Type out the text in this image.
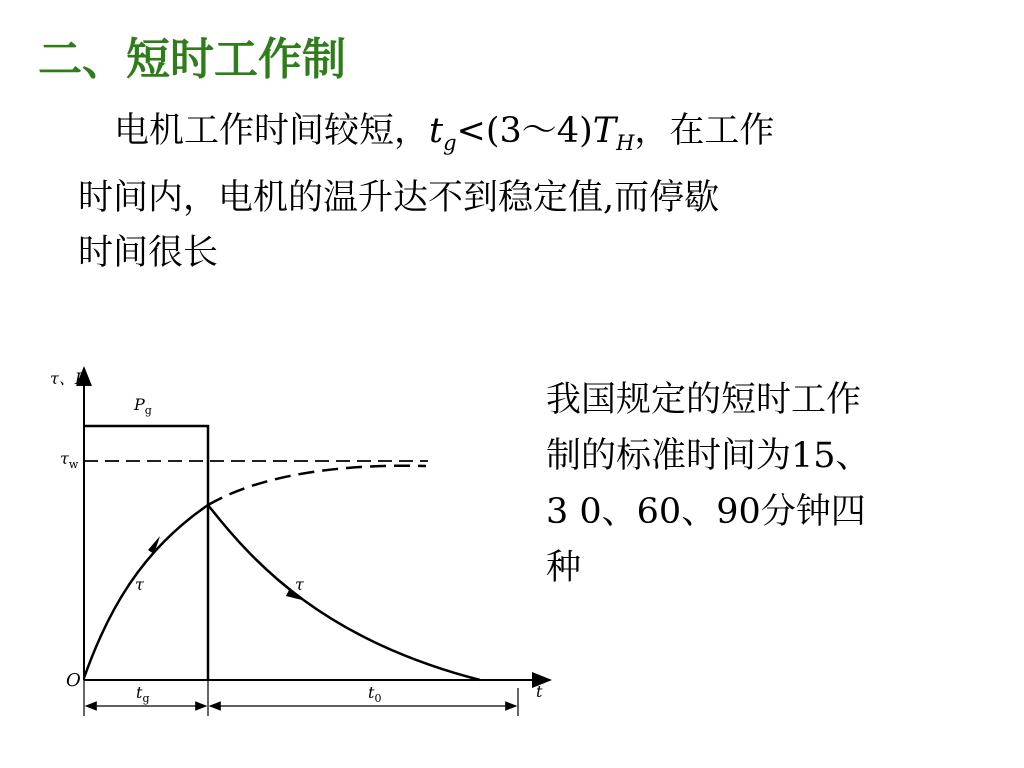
二、短时工作制

电机工作时间较短，$t_g<(3\sim 4)T_H$，在工作
时间内，电机的温升达不到稳定值,而停歇
时间很长

我国规定的短时工作
制的标准时间为15、
3 0、60、90分钟四
种

τ、P
t
O
$P_g$
$\tau_w$
τ	τ
$t_g$	$t_0$
